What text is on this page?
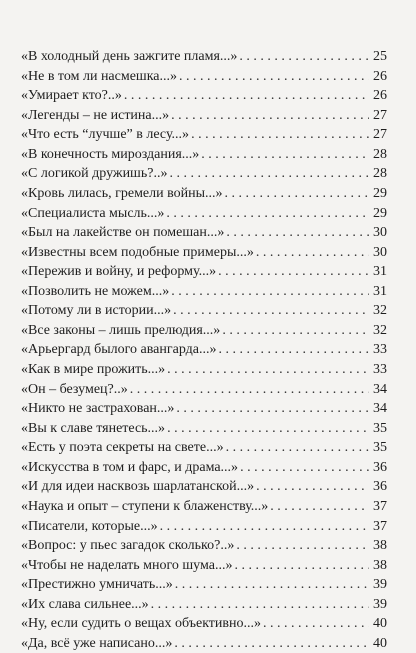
«В холодный день зажгите пламя...» . . .	25
«Не в том ли насмешка...» . . .	26
«Умирает кто?..» . . .	26
«Легенды – не истина...» . . .	27
«Что есть “лучше” в лесу...» . . .	27
«В конечность мироздания...» . . .	28
«С логикой дружишь?..» . . .	28
«Кровь лилась, гремели войны...» . . .	29
«Специалиста мысль...» . . .	29
«Был на лакействе он помешан...» . . .	30
«Известны всем подобные примеры...» . . .	30
«Пережив и войну, и реформу...» . . .	31
«Позволить не можем...» . . .	31
«Потому ли в истории...» . . .	32
«Все законы – лишь прелюдия...» . . .	32
«Арьергард былого авангарда...» . . .	33
«Как в мире прожить...» . . .	33
«Он – безумец?..» . . .	34
«Никто не застрахован...» . . .	34
«Вы к славе тянетесь...» . . .	35
«Есть у поэта секреты на свете...» . . .	35
«Искусства в том и фарс, и драма...» . . .	36
«И для идеи насквозь шарлатанской...» . . .	36
«Наука и опыт – ступени к блаженству...» . . .	37
«Писатели, которые...» . . .	37
«Вопрос: у пьес загадок сколько?..» . . .	38
«Чтобы не наделать много шума...» . . .	38
«Престижно умничать...» . . .	39
«Их слава сильнее...» . . .	39
«Ну, если судить о вещах объективно...» . . .	40
«Да, всё уже написано...» . . .	40
